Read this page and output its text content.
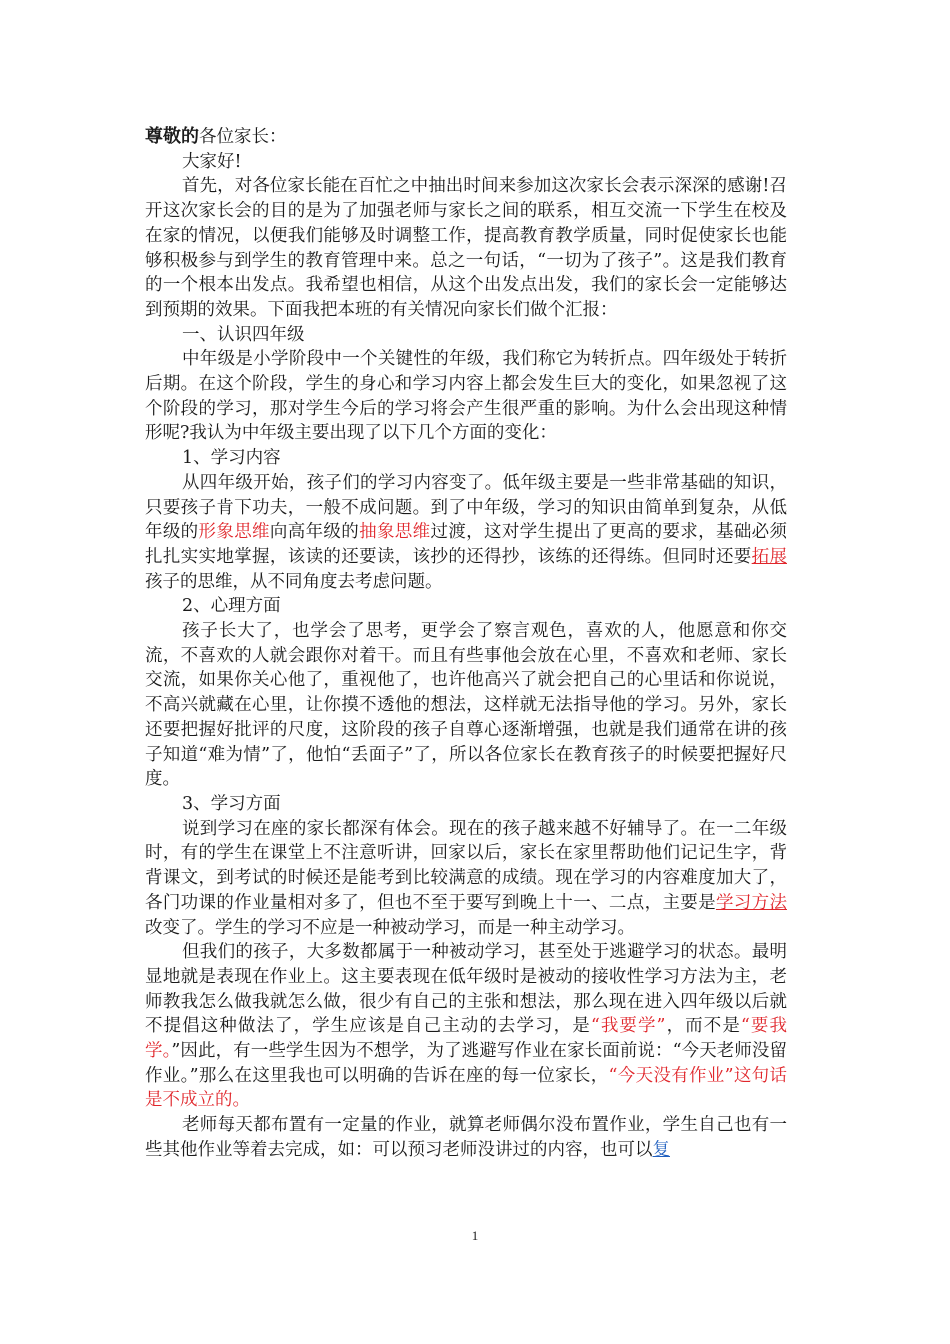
尊敬的各位家长：

大家好!

首先，对各位家长能在百忙之中抽出时间来参加这次家长会表示深深的感谢!召开这次家长会的目的是为了加强老师与家长之间的联系，相互交流一下学生在校及在家的情况，以便我们能够及时调整工作，提高教育教学质量，同时促使家长也能够积极参与到学生的教育管理中来。总之一句话，“一切为了孩子”。这是我们教育的一个根本出发点。我希望也相信，从这个出发点出发，我们的家长会一定能够达到预期的效果。下面我把本班的有关情况向家长们做个汇报：

一、认识四年级

中年级是小学阶段中一个关键性的年级，我们称它为转折点。四年级处于转折后期。在这个阶段，学生的身心和学习内容上都会发生巨大的变化，如果忽视了这个阶段的学习，那对学生今后的学习将会产生很严重的影响。为什么会出现这种情形呢?我认为中年级主要出现了以下几个方面的变化：

1、学习内容

从四年级开始，孩子们的学习内容变了。低年级主要是一些非常基础的知识，只要孩子肯下功夫，一般不成问题。到了中年级，学习的知识由简单到复杂，从低年级的形象思维向高年级的抽象思维过渡，这对学生提出了更高的要求，基础必须扎扎实实地掌握，该读的还要读，该抄的还得抄，该练的还得练。但同时还要拓展孩子的思维，从不同角度去考虑问题。

2、心理方面

孩子长大了，也学会了思考，更学会了察言观色，喜欢的人，他愿意和你交流，不喜欢的人就会跟你对着干。而且有些事他会放在心里，不喜欢和老师、家长交流，如果你关心他了，重视他了，也许他高兴了就会把自己的心里话和你说说，不高兴就藏在心里，让你摸不透他的想法，这样就无法指导他的学习。另外，家长还要把握好批评的尺度，这阶段的孩子自尊心逐渐增强，也就是我们通常在讲的孩子知道“难为情”了，他怕“丢面子”了，所以各位家长在教育孩子的时候要把握好尺度。

3、学习方面

说到学习在座的家长都深有体会。现在的孩子越来越不好辅导了。在一二年级时，有的学生在课堂上不注意听讲，回家以后，家长在家里帮助他们记记生字，背背课文，到考试的时候还是能考到比较满意的成绩。现在学习的内容难度加大了，各门功课的作业量相对多了，但也不至于要写到晚上十一、二点，主要是学习方法改变了。学生的学习不应是一种被动学习，而是一种主动学习。

但我们的孩子，大多数都属于一种被动学习，甚至处于逃避学习的状态。最明显地就是表现在作业上。这主要表现在低年级时是被动的接收性学习方法为主，老师教我怎么做我就怎么做，很少有自己的主张和想法，那么现在进入四年级以后就不提倡这种做法了，学生应该是自己主动的去学习，是“我要学”，而不是“要我学。”因此，有一些学生因为不想学，为了逃避写作业在家长面前说：“今天老师没留作业。”那么在这里我也可以明确的告诉在座的每一位家长，“今天没有作业”这句话是不成立的。

老师每天都布置有一定量的作业，就算老师偶尔没布置作业，学生自己也有一些其他作业等着去完成，如：可以预习老师没讲过的内容，也可以复

1
